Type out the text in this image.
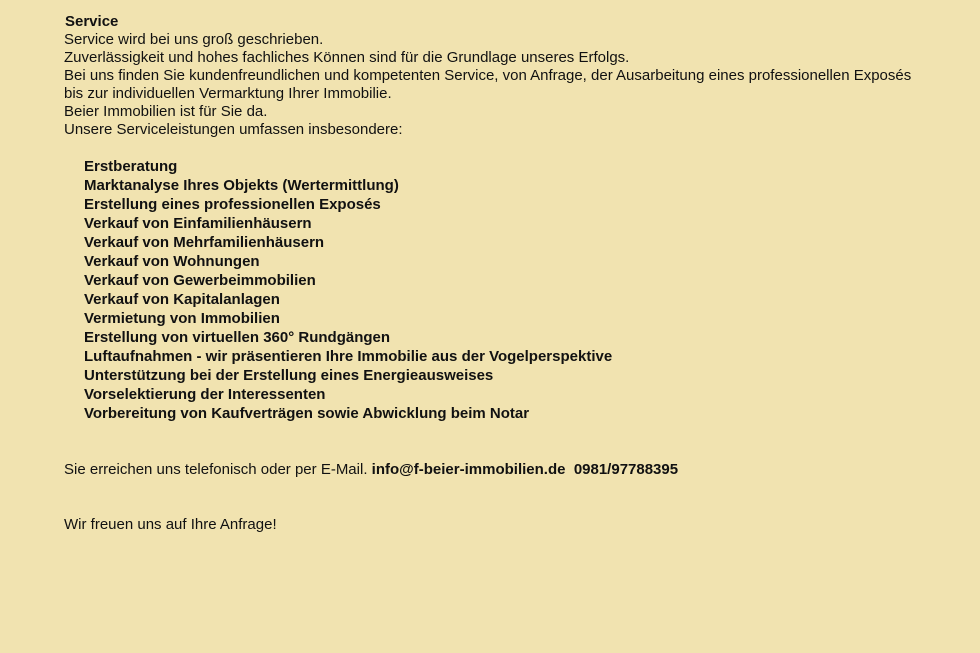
Service

Service wird bei uns groß geschrieben.

Zuverlässigkeit und hohes fachliches Können sind für die Grundlage unseres Erfolgs.

Bei uns finden Sie kundenfreundlichen und kompetenten Service, von Anfrage, der Ausarbeitung eines professionellen Exposés bis zur individuellen Vermarktung Ihrer Immobilie.

Beier Immobilien ist für Sie da.

Unsere Serviceleistungen umfassen insbesondere:

Erstberatung
Marktanalyse Ihres Objekts (Wertermittlung)
Erstellung eines professionellen Exposés
Verkauf von Einfamilienhäusern
Verkauf von Mehrfamilienhäusern
Verkauf von Wohnungen
Verkauf von Gewerbeimmobilien
Verkauf von Kapitalanlagen
Vermietung von Immobilien
Erstellung von virtuellen 360° Rundgängen
Luftaufnahmen - wir präsentieren Ihre Immobilie aus der Vogelperspektive
Unterstützung bei der Erstellung eines Energieausweises
Vorselektierung der Interessenten
Vorbereitung von Kaufverträgen sowie Abwicklung beim Notar
Sie erreichen uns telefonisch oder per E-Mail. info@f-beier-immobilien.de 0981/97788395
Wir freuen uns auf Ihre Anfrage!
